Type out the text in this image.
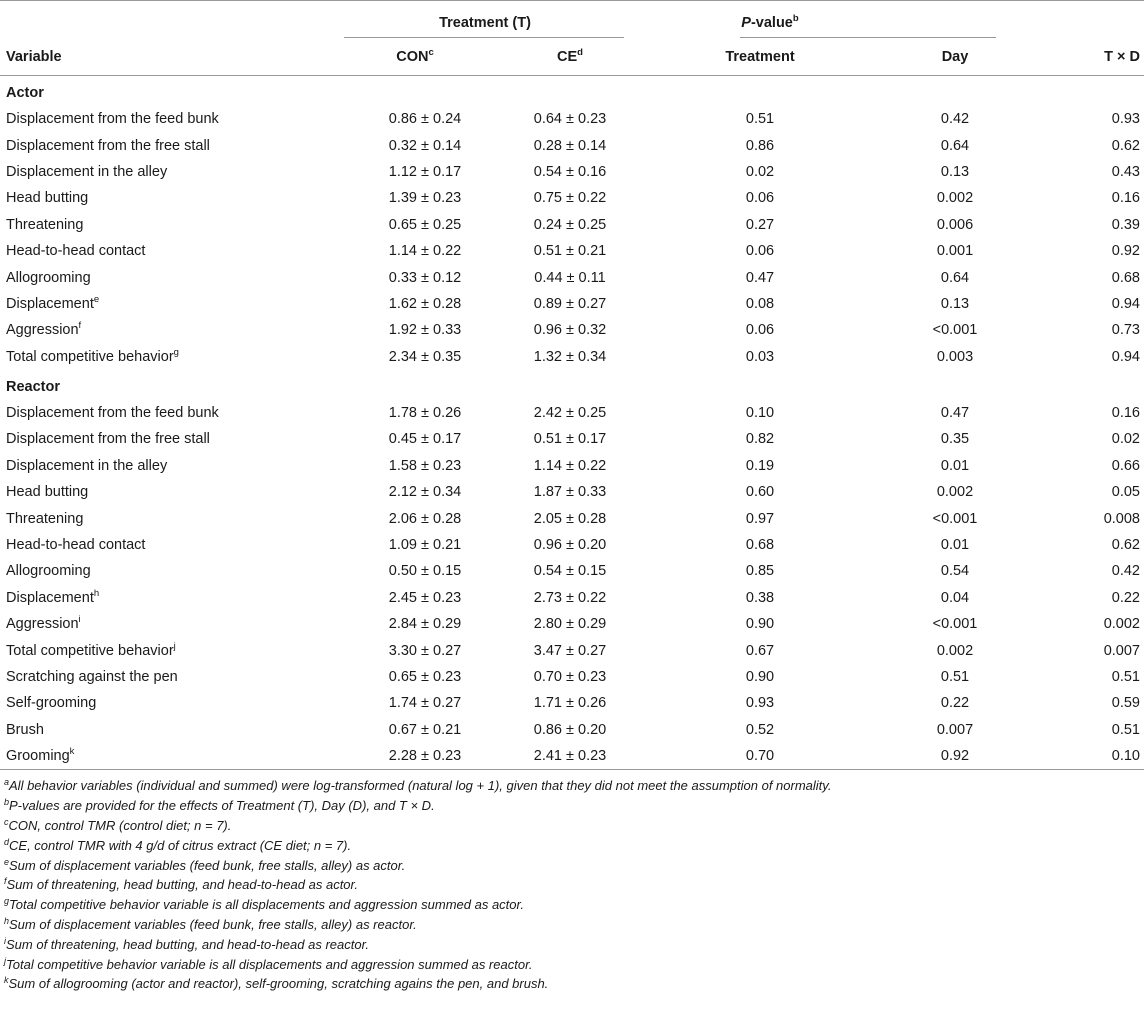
	Treatment (T)		P-value$^b$

Variable	CON$^c$	$CE^d$	Treatment	Day	T × D
Actor					
Displacement from the feed bunk	0.86 ± 0.24	0.64 ± 0.23	0.51	0.42	0.93
Displacement from the free stall	0.32 ± 0.14	0.28 ± 0.14	0.86	0.64	0.62
Displacement in the alley	1.12 ± 0.17	0.54 ± 0.16	0.02	0.13	0.43
Head butting	1.39 ± 0.23	0.75 ± 0.22	0.06	0.002	0.16
Threatening	0.65 ± 0.25	0.24 ± 0.25	0.27	0.006	0.39
Head-to-head contact	1.14 ± 0.22	0.51 ± 0.21	0.06	0.001	0.92
Allogrooming	0.33 ± 0.12	0.44 ± 0.11	0.47	0.64	0.68
Displacement$^e$	1.62 ± 0.28	0.89 ± 0.27	0.08	0.13	0.94
Aggression$^f$	1.92 ± 0.33	0.96 ± 0.32	0.06	<0.001	0.73
Total competitive behavior$^g$	2.34 ± 0.35	1.32 ± 0.34	0.03	0.003	0.94
Reactor					
Displacement from the feed bunk	1.78 ± 0.26	2.42 ± 0.25	0.10	0.47	0.16
Displacement from the free stall	0.45 ± 0.17	0.51 ± 0.17	0.82	0.35	0.02
Displacement in the alley	1.58 ± 0.23	1.14 ± 0.22	0.19	0.01	0.66
Head butting	2.12 ± 0.34	1.87 ± 0.33	0.60	0.002	0.05
Threatening	2.06 ± 0.28	2.05 ± 0.28	0.97	<0.001	0.008
Head-to-head contact	1.09 ± 0.21	0.96 ± 0.20	0.68	0.01	0.62
Allogrooming	0.50 ± 0.15	0.54 ± 0.15	0.85	0.54	0.42
Displacement$^h$	2.45 ± 0.23	2.73 ± 0.22	0.38	0.04	0.22
Aggression$^i$	2.84 ± 0.29	2.80 ± 0.29	0.90	<0.001	0.002
Total competitive behavior$^j$	3.30 ± 0.27	3.47 ± 0.27	0.67	0.002	0.007
Scratching against the pen	0.65 ± 0.23	0.70 ± 0.23	0.90	0.51	0.51
Self-grooming	1.74 ± 0.27	1.71 ± 0.26	0.93	0.22	0.59
Brush	0.67 ± 0.21	0.86 ± 0.20	0.52	0.007	0.51
Grooming$^k$	2.28 ± 0.23	2.41 ± 0.23	0.70	0.92	0.10
$^a$All behavior variables (individual and summed) were log-transformed (natural log + 1), given that they did not meet the assumption of normality.
$^b$P-values are provided for the effects of Treatment (T), Day (D), and T × D.
$^c$CON, control TMR (control diet; n = 7).
$^d$CE, control TMR with 4 g/d of citrus extract (CE diet; n = 7).
$^e$Sum of displacement variables (feed bunk, free stalls, alley) as actor.
$^f$Sum of threatening, head butting, and head-to-head as actor.
$^g$Total competitive behavior variable is all displacements and aggression summed as actor.
$^h$Sum of displacement variables (feed bunk, free stalls, alley) as reactor.
$^i$Sum of threatening, head butting, and head-to-head as reactor.
$^j$Total competitive behavior variable is all displacements and aggression summed as reactor.
$^k$Sum of allogrooming (actor and reactor), self-grooming, scratching agains the pen, and brush.
